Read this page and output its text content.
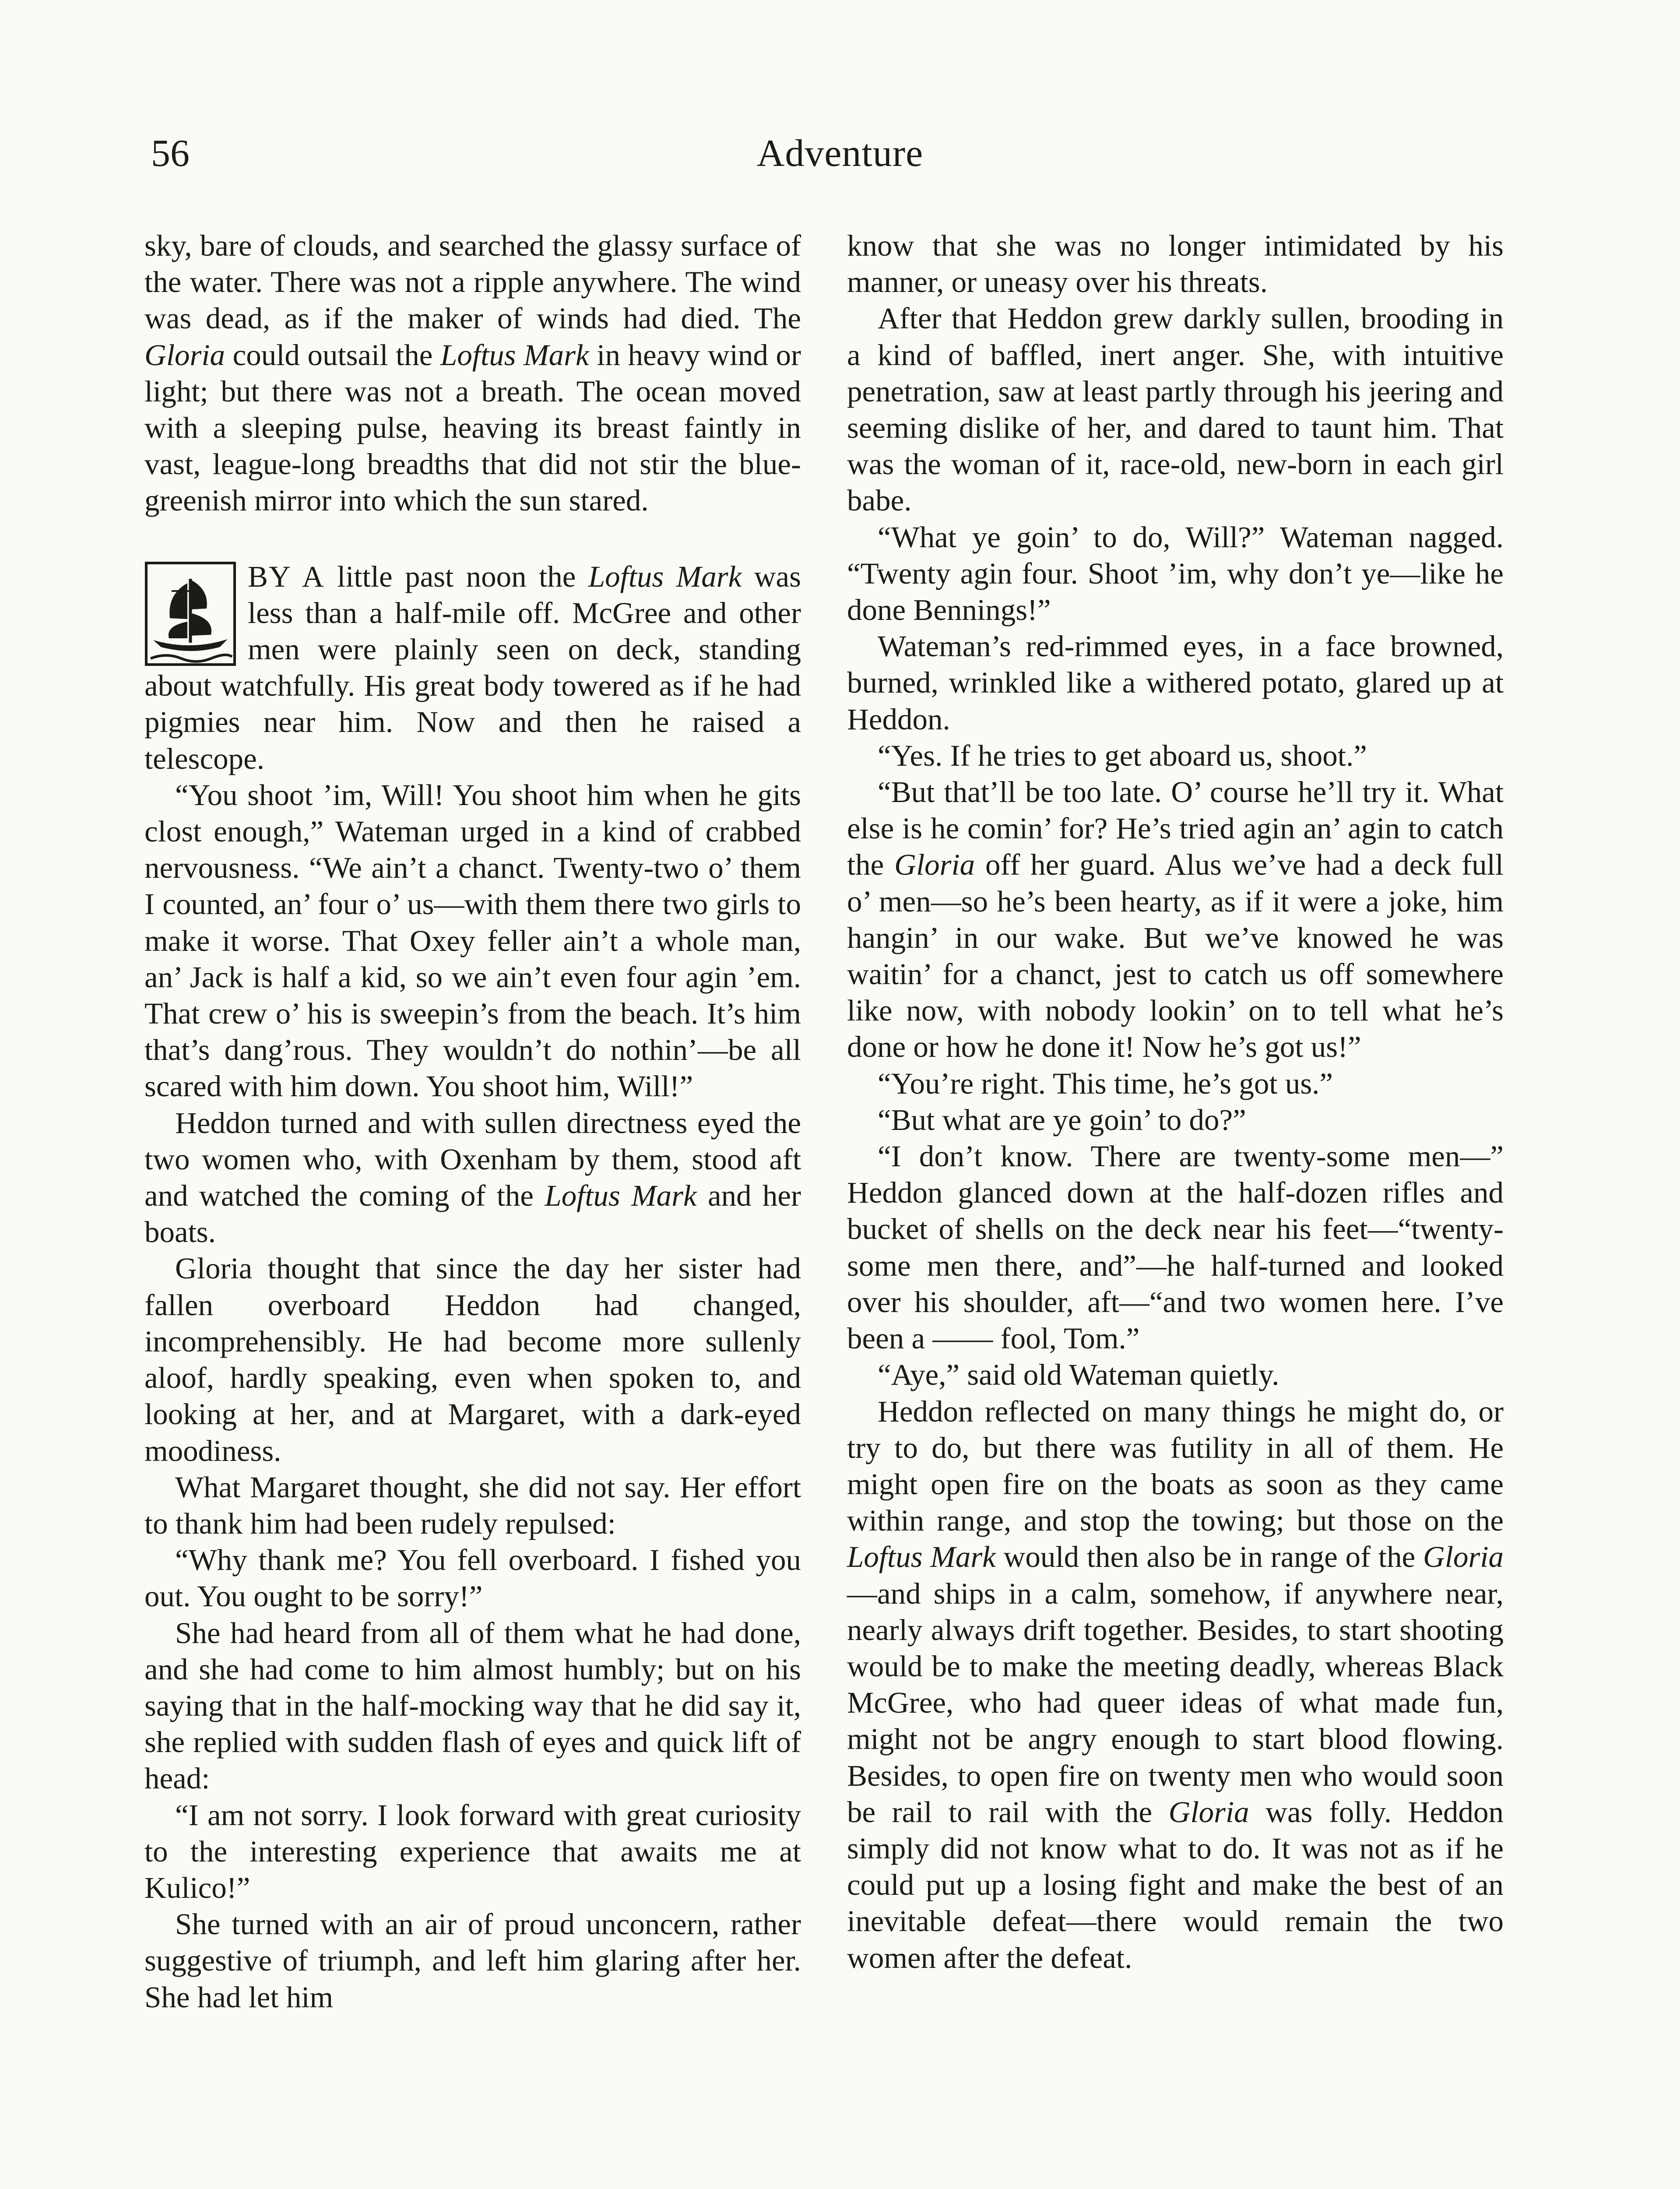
56	Adventure

sky, bare of clouds, and searched the glassy surface of the water. There was not a ripple anywhere. The wind was dead, as if the maker of winds had died. The Gloria could outsail the Loftus Mark in heavy wind or light; but there was not a breath. The ocean moved with a sleeping pulse, heaving its breast faintly in vast, league-long breadths that did not stir the blue-greenish mirror into which the sun stared.

BY A little past noon the Loftus Mark was less than a half-mile off. McGree and other men were plainly seen on deck, standing about watchfully. His great body towered as if he had pigmies near him. Now and then he raised a telescope.

“You shoot ’im, Will! You shoot him when he gits clost enough,” Wateman urged in a kind of crabbed nervousness. “We ain’t a chanct. Twenty-two o’ them I counted, an’ four o’ us—with them there two girls to make it worse. That Oxey feller ain’t a whole man, an’ Jack is half a kid, so we ain’t even four agin ’em. That crew o’ his is sweepin’s from the beach. It’s him that’s dang’rous. They wouldn’t do nothin’—be all scared with him down. You shoot him, Will!”

Heddon turned and with sullen directness eyed the two women who, with Oxenham by them, stood aft and watched the coming of the Loftus Mark and her boats.

Gloria thought that since the day her sister had fallen overboard Heddon had changed, incomprehensibly. He had become more sullenly aloof, hardly speaking, even when spoken to, and looking at her, and at Margaret, with a dark-eyed moodiness.

What Margaret thought, she did not say. Her effort to thank him had been rudely repulsed:

“Why thank me? You fell overboard. I fished you out. You ought to be sorry!”

She had heard from all of them what he had done, and she had come to him almost humbly; but on his saying that in the half-mocking way that he did say it, she replied with sudden flash of eyes and quick lift of head:

“I am not sorry. I look forward with great curiosity to the interesting experience that awaits me at Kulico!”

She turned with an air of proud unconcern, rather suggestive of triumph, and left him glaring after her. She had let him

know that she was no longer intimidated by his manner, or uneasy over his threats.

After that Heddon grew darkly sullen, brooding in a kind of baffled, inert anger. She, with intuitive penetration, saw at least partly through his jeering and seeming dislike of her, and dared to taunt him. That was the woman of it, race-old, new-born in each girl babe.

“What ye goin’ to do, Will?” Wateman nagged. “Twenty agin four. Shoot ’im, why don’t ye—like he done Bennings!”

Wateman’s red-rimmed eyes, in a face browned, burned, wrinkled like a withered potato, glared up at Heddon.

“Yes. If he tries to get aboard us, shoot.”

“But that’ll be too late. O’ course he’ll try it. What else is he comin’ for? He’s tried agin an’ agin to catch the Gloria off her guard. Alus we’ve had a deck full o’ men—so he’s been hearty, as if it were a joke, him hangin’ in our wake. But we’ve knowed he was waitin’ for a chanct, jest to catch us off somewhere like now, with nobody lookin’ on to tell what he’s done or how he done it! Now he’s got us!”

“You’re right. This time, he’s got us.”

“But what are ye goin’ to do?”

“I don’t know. There are twenty-some men—” Heddon glanced down at the half-dozen rifles and bucket of shells on the deck near his feet—“twenty-some men there, and”—he half-turned and looked over his shoulder, aft—“and two women here. I’ve been a —— fool, Tom.”

“Aye,” said old Wateman quietly.

Heddon reflected on many things he might do, or try to do, but there was futility in all of them. He might open fire on the boats as soon as they came within range, and stop the towing; but those on the Loftus Mark would then also be in range of the Gloria—and ships in a calm, somehow, if anywhere near, nearly always drift together. Besides, to start shooting would be to make the meeting deadly, whereas Black McGree, who had queer ideas of what made fun, might not be angry enough to start blood flowing. Besides, to open fire on twenty men who would soon be rail to rail with the Gloria was folly. Heddon simply did not know what to do. It was not as if he could put up a losing fight and make the best of an inevitable defeat—there would remain the two women after the defeat.
